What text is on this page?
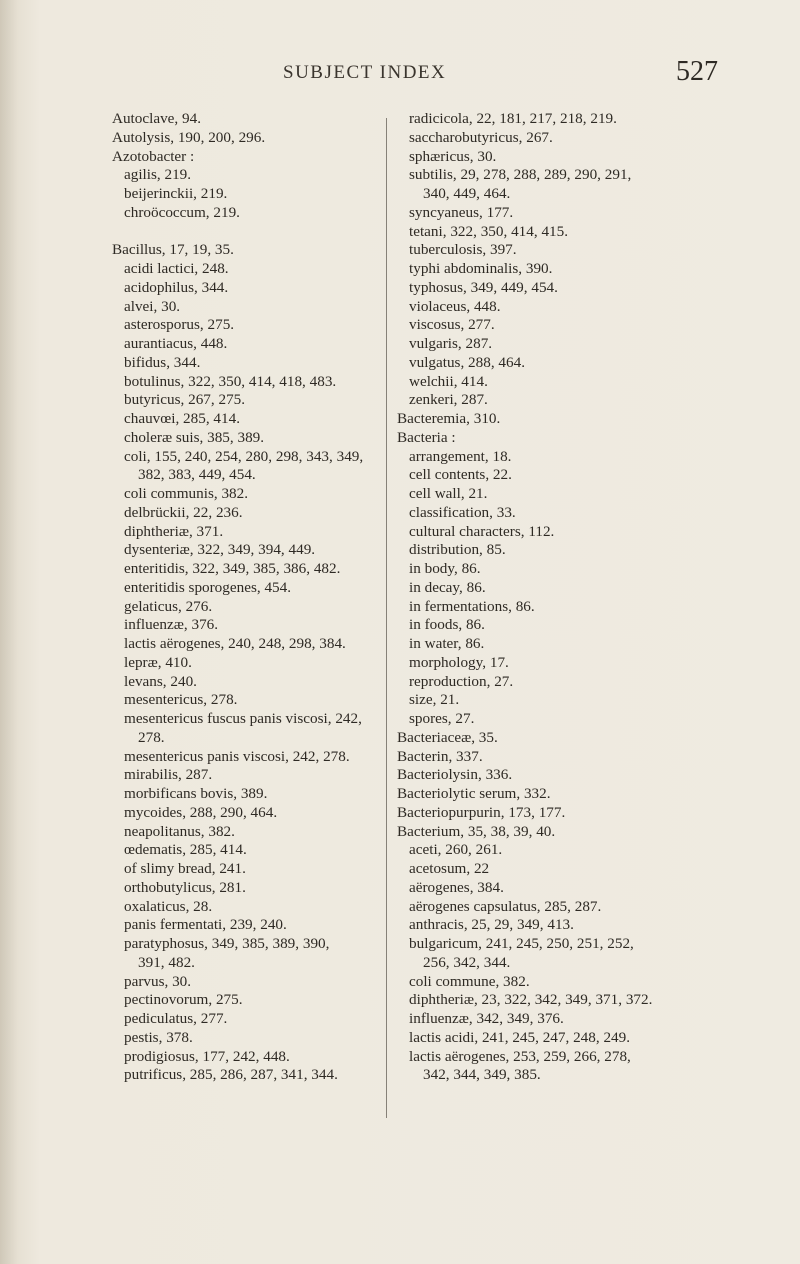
SUBJECT INDEX	527
Autoclave, 94.
Autolysis, 190, 200, 296.
Azotobacter :
agilis, 219.
beijerinckii, 219.
chroöcoccum, 219.
Bacillus, 17, 19, 35.
acidi lactici, 248.
acidophilus, 344.
alvei, 30.
asterosporus, 275.
aurantiacus, 448.
bifidus, 344.
botulinus, 322, 350, 414, 418, 483.
butyricus, 267, 275.
chauvœi, 285, 414.
choleræ suis, 385, 389.
coli, 155, 240, 254, 280, 298, 343, 349,
382, 383, 449, 454.
coli communis, 382.
delbrückii, 22, 236.
diphtheriæ, 371.
dysenteriæ, 322, 349, 394, 449.
enteritidis, 322, 349, 385, 386, 482.
enteritidis sporogenes, 454.
gelaticus, 276.
influenzæ, 376.
lactis aërogenes, 240, 248, 298, 384.
lepræ, 410.
levans, 240.
mesentericus, 278.
mesentericus fuscus panis viscosi, 242,
278.
mesentericus panis viscosi, 242, 278.
mirabilis, 287.
morbificans bovis, 389.
mycoides, 288, 290, 464.
neapolitanus, 382.
œdematis, 285, 414.
of slimy bread, 241.
orthobutylicus, 281.
oxalaticus, 28.
panis fermentati, 239, 240.
paratyphosus, 349, 385, 389, 390,
391, 482.
parvus, 30.
pectinovorum, 275.
pediculatus, 277.
pestis, 378.
prodigiosus, 177, 242, 448.
putrificus, 285, 286, 287, 341, 344.
radicicola, 22, 181, 217, 218, 219.
saccharobutyricus, 267.
sphæricus, 30.
subtilis, 29, 278, 288, 289, 290, 291,
340, 449, 464.
syncyaneus, 177.
tetani, 322, 350, 414, 415.
tuberculosis, 397.
typhi abdominalis, 390.
typhosus, 349, 449, 454.
violaceus, 448.
viscosus, 277.
vulgaris, 287.
vulgatus, 288, 464.
welchii, 414.
zenkeri, 287.
Bacteremia, 310.
Bacteria :
arrangement, 18.
cell contents, 22.
cell wall, 21.
classification, 33.
cultural characters, 112.
distribution, 85.
in body, 86.
in decay, 86.
in fermentations, 86.
in foods, 86.
in water, 86.
morphology, 17.
reproduction, 27.
size, 21.
spores, 27.
Bacteriaceæ, 35.
Bacterin, 337.
Bacteriolysin, 336.
Bacteriolytic serum, 332.
Bacteriopurpurin, 173, 177.
Bacterium, 35, 38, 39, 40.
aceti, 260, 261.
acetosum, 22
aërogenes, 384.
aërogenes capsulatus, 285, 287.
anthracis, 25, 29, 349, 413.
bulgaricum, 241, 245, 250, 251, 252,
256, 342, 344.
coli commune, 382.
diphtheriæ, 23, 322, 342, 349, 371, 372.
influenzæ, 342, 349, 376.
lactis acidi, 241, 245, 247, 248, 249.
lactis aërogenes, 253, 259, 266, 278,
342, 344, 349, 385.
